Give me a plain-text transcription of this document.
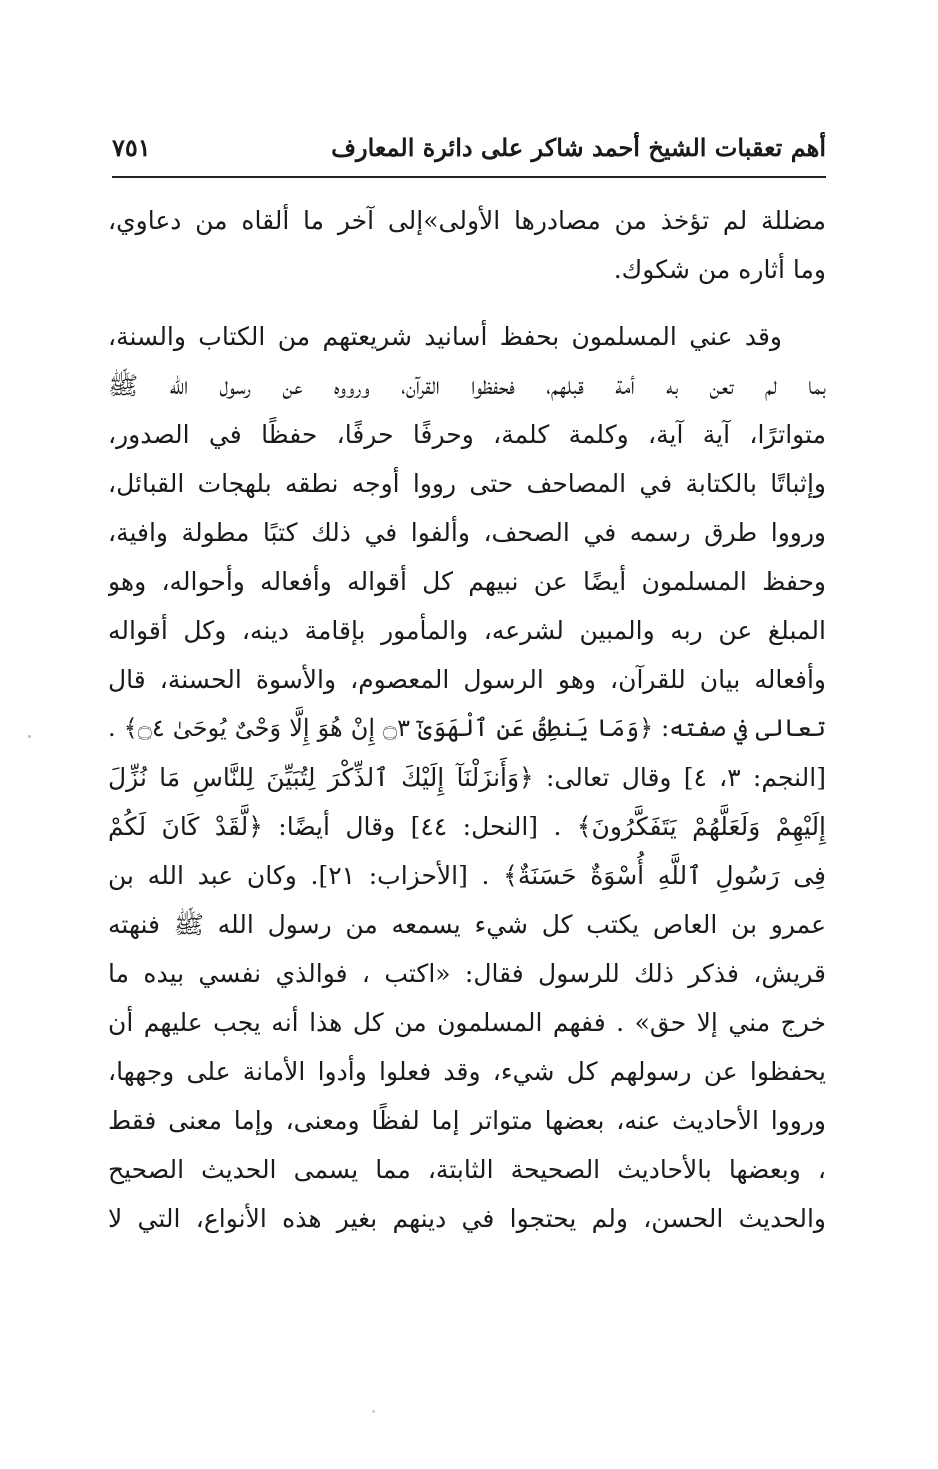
أهم تعقبات الشيخ أحمد شاكر على دائرة المعارف
٧٥١
مضللة لم تؤخذ من مصادرها الأولى»إلى آخر ما ألقاه من دعاوي،
وما أثاره من شكوك.
وقد عني المسلمون بحفظ أسانيد شريعتهم من الكتاب والسنة،
بما لم تعن به أمة قبلهم، فحفظوا القرآن، ورووه عن رسول الله ﷺ
متواترًا، آية آية، وكلمة كلمة، وحرفًا حرفًا، حفظًا في الصدور،
وإثباتًا بالكتابة في المصاحف حتى رووا أوجه نطقه بلهجات القبائل،
ورووا طرق رسمه في الصحف، وألفوا في ذلك كتبًا مطولة وافية،
وحفظ المسلمون أيضًا عن نبيهم كل أقواله وأفعاله وأحواله، وهو
المبلغ عن ربه والمبين لشرعه، والمأمور بإقامة دينه، وكل أقواله
وأفعاله بيان للقرآن، وهو الرسول المعصوم، والأسوة الحسنة، قال
تعالى في صفته: ﴿وَمَا يَنطِقُ عَنِ ٱلْهَوَىٰٓ ۝٣ إِنْ هُوَ إِلَّا وَحْىٌ يُوحَىٰ ۝٤﴾ .
[النجم: ٣، ٤] وقال تعالى: ﴿وَأَنزَلْنَآ إِلَيْكَ ٱلذِّكْرَ لِتُبَيِّنَ لِلنَّاسِ مَا نُزِّلَ
إِلَيْهِمْ وَلَعَلَّهُمْ يَتَفَكَّرُونَ﴾ . [النحل: ٤٤] وقال أيضًا: ﴿لَّقَدْ كَانَ لَكُمْ
فِى رَسُولِ ٱللَّهِ أُسْوَةٌ حَسَنَةٌ﴾ . [الأحزاب: ٢١]. وكان عبد الله بن
عمرو بن العاص يكتب كل شيء يسمعه من رسول الله ﷺ فنهته
قريش، فذكر ذلك للرسول فقال: «اكتب ، فوالذي نفسي بيده ما
خرج مني إلا حق» . ففهم المسلمون من كل هذا أنه يجب عليهم أن
يحفظوا عن رسولهم كل شيء، وقد فعلوا وأدوا الأمانة على وجهها،
ورووا الأحاديث عنه، بعضها متواتر إما لفظًا ومعنى، وإما معنى فقط
، وبعضها بالأحاديث الصحيحة الثابتة، مما يسمى الحديث الصحيح
والحديث الحسن، ولم يحتجوا في دينهم بغير هذه الأنواع، التي لا
